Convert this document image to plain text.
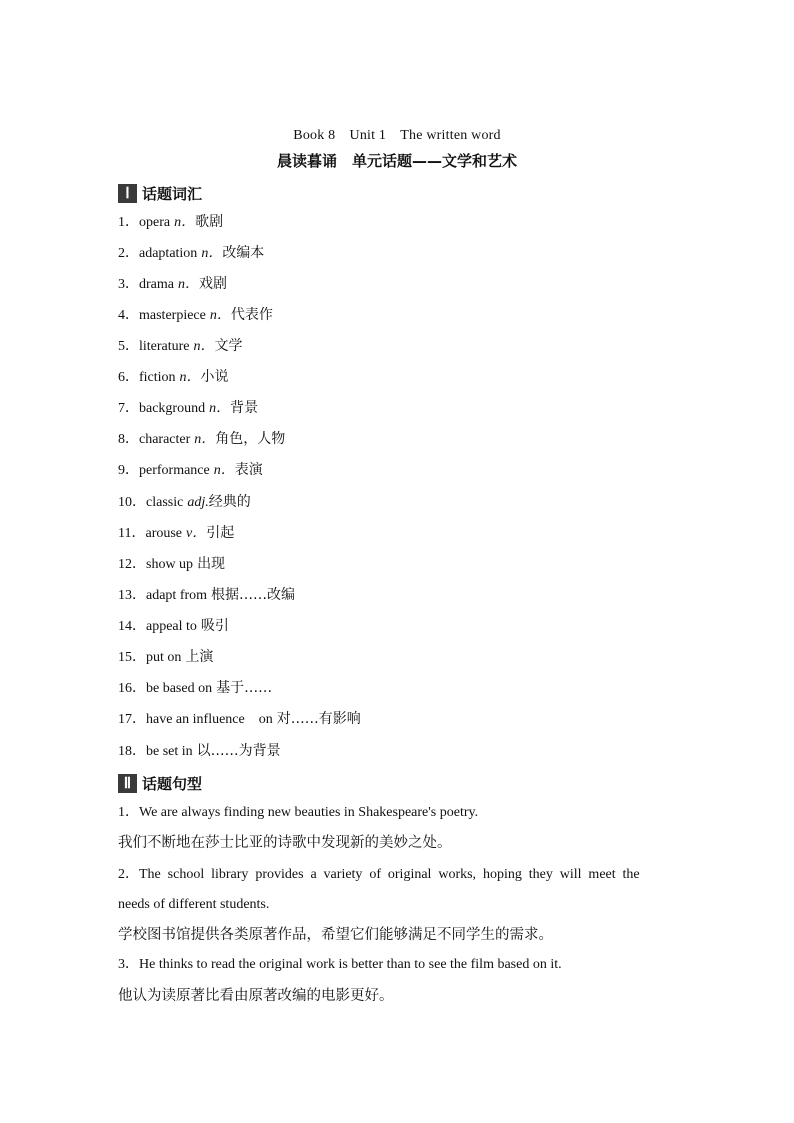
Book 8　Unit 1　The written word
晨读暮诵　单元话题——文学和艺术
Ⅰ 话题词汇
1．opera n．歌剧
2．adaptation n．改编本
3．drama n．戏剧
4．masterpiece n．代表作
5．literature n．文学
6．fiction n．小说
7．background n．背景
8．character n．角色，人物
9．performance n．表演
10．classic adj.经典的
11．arouse v．引起
12．show up 出现
13．adapt from 根据……改编
14．appeal to 吸引
15．put on 上演
16．be based on 基于……
17．have an influence　on 对……有影响
18．be set in 以……为背景
Ⅱ 话题句型
1．We are always finding new beauties in Shakespeare's poetry.
我们不断地在莎士比亚的诗歌中发现新的美妙之处。
2．The school library provides a variety of original works, hoping they will meet the
needs of different students.
学校图书馆提供各类原著作品，希望它们能够满足不同学生的需求。
3．He thinks to read the original work is better than to see the film based on it.
他认为读原著比看由原著改编的电影更好。
